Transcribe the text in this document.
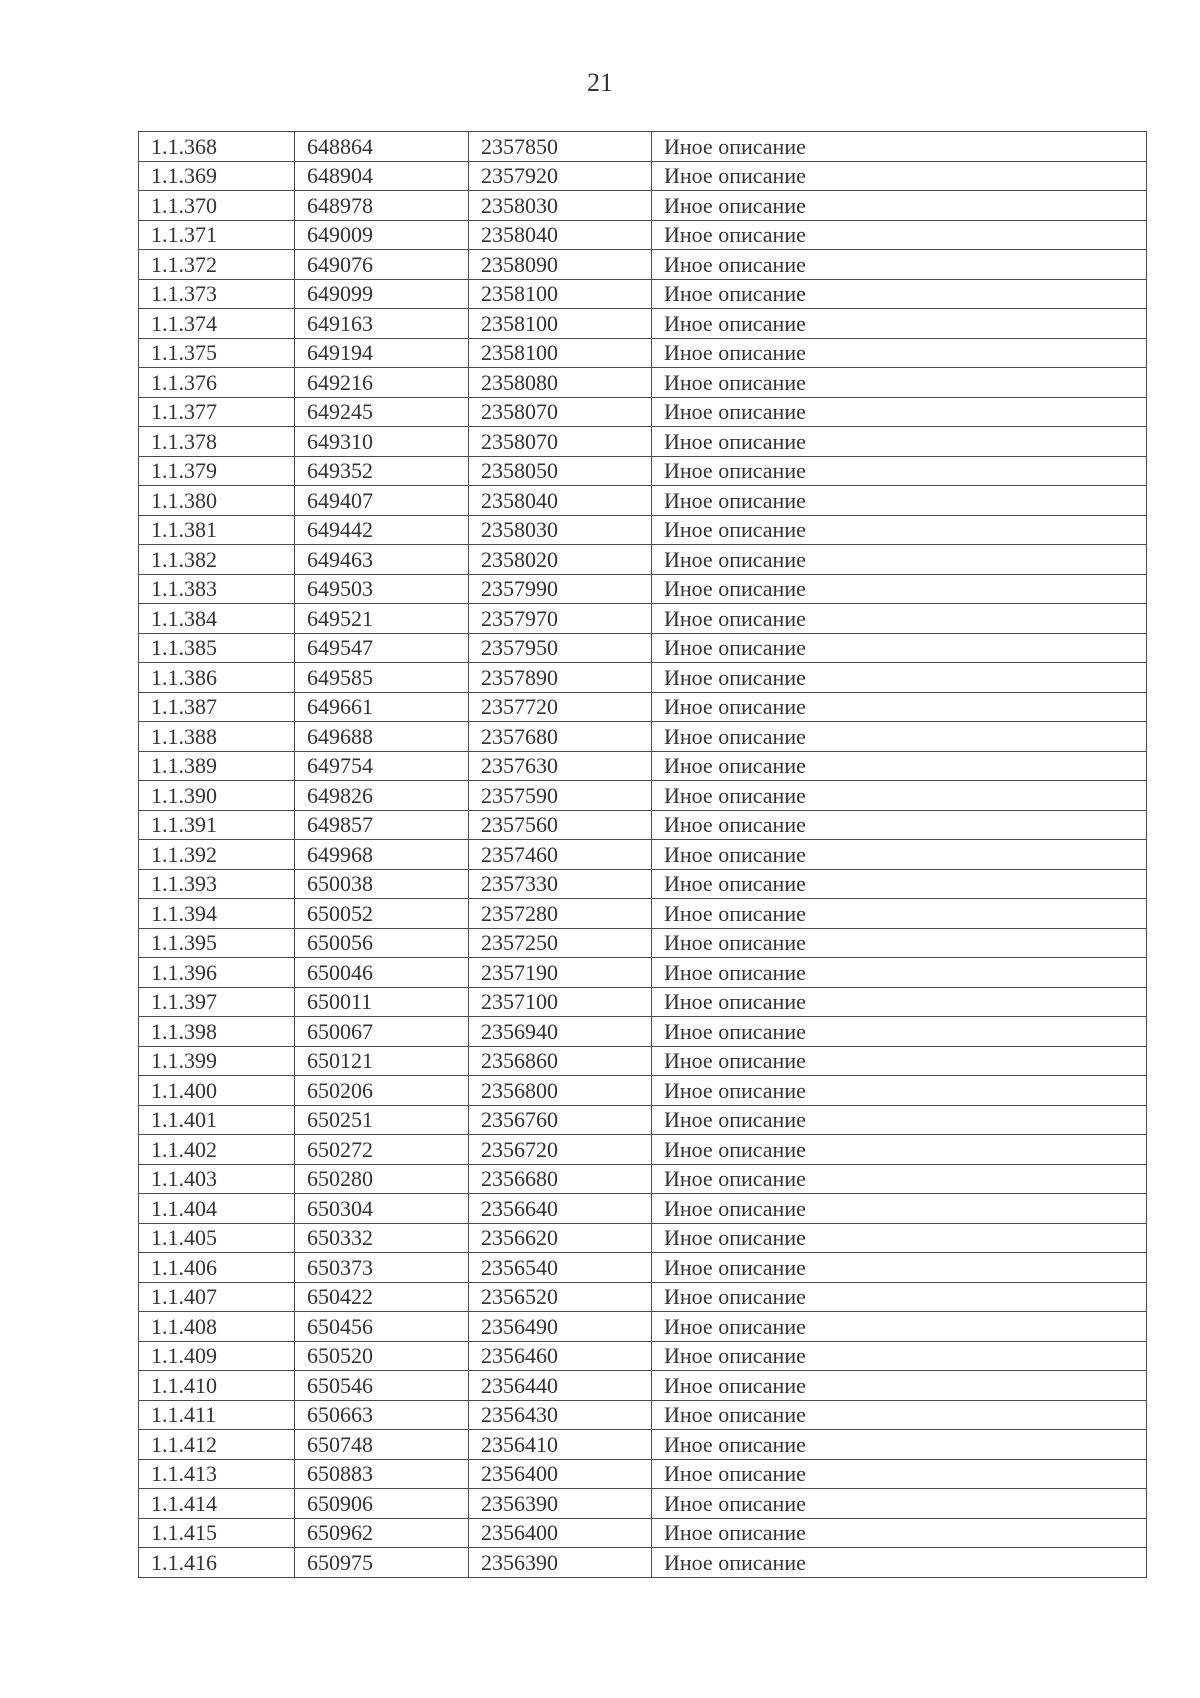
21
1.1.368	648864	2357850	Иное описание
1.1.369	648904	2357920	Иное описание
1.1.370	648978	2358030	Иное описание
1.1.371	649009	2358040	Иное описание
1.1.372	649076	2358090	Иное описание
1.1.373	649099	2358100	Иное описание
1.1.374	649163	2358100	Иное описание
1.1.375	649194	2358100	Иное описание
1.1.376	649216	2358080	Иное описание
1.1.377	649245	2358070	Иное описание
1.1.378	649310	2358070	Иное описание
1.1.379	649352	2358050	Иное описание
1.1.380	649407	2358040	Иное описание
1.1.381	649442	2358030	Иное описание
1.1.382	649463	2358020	Иное описание
1.1.383	649503	2357990	Иное описание
1.1.384	649521	2357970	Иное описание
1.1.385	649547	2357950	Иное описание
1.1.386	649585	2357890	Иное описание
1.1.387	649661	2357720	Иное описание
1.1.388	649688	2357680	Иное описание
1.1.389	649754	2357630	Иное описание
1.1.390	649826	2357590	Иное описание
1.1.391	649857	2357560	Иное описание
1.1.392	649968	2357460	Иное описание
1.1.393	650038	2357330	Иное описание
1.1.394	650052	2357280	Иное описание
1.1.395	650056	2357250	Иное описание
1.1.396	650046	2357190	Иное описание
1.1.397	650011	2357100	Иное описание
1.1.398	650067	2356940	Иное описание
1.1.399	650121	2356860	Иное описание
1.1.400	650206	2356800	Иное описание
1.1.401	650251	2356760	Иное описание
1.1.402	650272	2356720	Иное описание
1.1.403	650280	2356680	Иное описание
1.1.404	650304	2356640	Иное описание
1.1.405	650332	2356620	Иное описание
1.1.406	650373	2356540	Иное описание
1.1.407	650422	2356520	Иное описание
1.1.408	650456	2356490	Иное описание
1.1.409	650520	2356460	Иное описание
1.1.410	650546	2356440	Иное описание
1.1.411	650663	2356430	Иное описание
1.1.412	650748	2356410	Иное описание
1.1.413	650883	2356400	Иное описание
1.1.414	650906	2356390	Иное описание
1.1.415	650962	2356400	Иное описание
1.1.416	650975	2356390	Иное описание
